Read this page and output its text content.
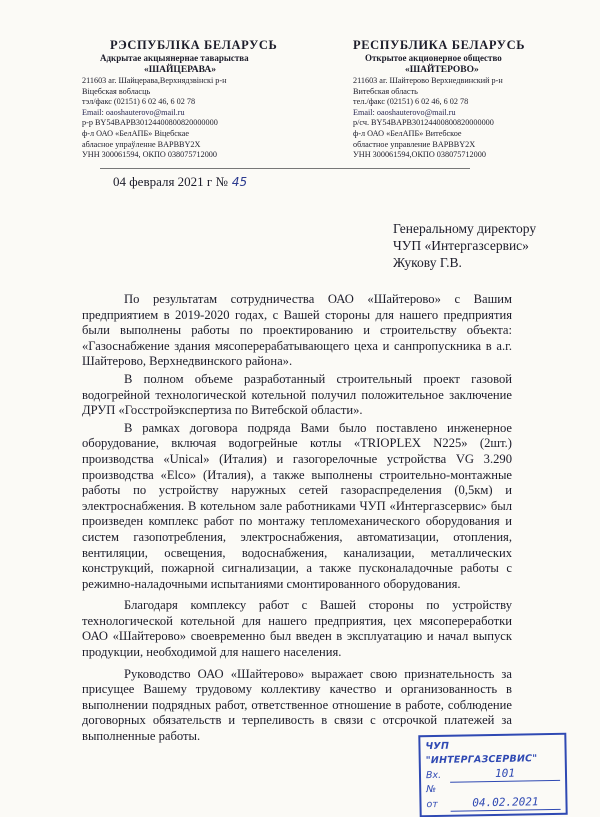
РЭСПУБЛІКА БЕЛАРУСЬ
Адкрытае акцыянернае таварыства
«ШАЙЦЕРАВА»
211603 аг. Шайцерава,Верхнядзвінскі р-н
Віцебская вобласць
тэл/факс (02151) 6 02 46, 6 02 78
Email: oaoshauterovo@mail.ru
р-р BY54BAPB30124400800820000000
ф-л ОАО «БелАПБ» Віцебскае
абласное упраўленне BAPBBY2X
УНН 300061594, ОКПО 038075712000
РЕСПУБЛИКА БЕЛАРУСЬ
Открытое акционерное общество
«ШАЙТЕРОВО»
211603 аг. Шайтерово Верхнедвинский р-н
Витебская область
тел./факс (02151) 6 02 46, 6 02 78
Email: oaoshauterovo@mail.ru
р/сч. BY54BAPB30124400800820000000
ф-л ОАО «БелАПБ» Витебское
областное управление BAPBBY2X
УНН 300061594,ОКПО 038075712000
04 февраля 2021 г № 45
Генеральному директору
ЧУП «Интергазсервис»
Жукову Г.В.

По результатам сотрудничества ОАО «Шайтерово» с Вашим предприятием в 2019-2020 годах, с Вашей стороны для нашего предприятия были выполнены работы по проектированию и строительству объекта: «Газоснабжение здания мясоперерабатывающего цеха и санпропускника в а.г. Шайтерово, Верхнедвинского района».

В полном объеме разработанный строительный проект газовой водогрейной технологической котельной получил положительное заключение ДРУП «Госстройэкспертиза по Витебской области».

В рамках договора подряда Вами было поставлено инженерное оборудование, включая водогрейные котлы «TRIOPLEX N225» (2шт.) производства «Unical» (Италия) и газогорелочные устройства VG 3.290 производства «Elco» (Италия), а также выполнены строительно-монтажные работы по устройству наружных сетей газораспределения (0,5км) и электроснабжения. В котельном зале работниками ЧУП «Интергазсервис» был произведен комплекс работ по монтажу тепломеханического оборудования и систем газопотребления, электроснабжения, автоматизации, отопления, вентиляции, освещения, водоснабжения, канализации, металлических конструкций, пожарной сигнализации, а также пусконаладочные работы с режимно-наладочными испытаниями смонтированного оборудования.

Благодаря комплексу работ с Вашей стороны по устройству технологической котельной для нашего предприятия, цех мясопереработки ОАО «Шайтерово» своевременно был введен в эксплуатацию и начал выпуск продукции, необходимой для нашего населения.

Руководство ОАО «Шайтерово» выражает свою признательность за присущее Вашему трудовому коллективу качество и организованность в выполнении подрядных работ, ответственное отношение в работе, соблюдение договорных обязательств и терпеливость в связи с отсрочкой платежей за выполненные работы.

ЧУП "ИНТЕРГАЗСЕРВИС"
Вх.№
101
от	04.02.2021
